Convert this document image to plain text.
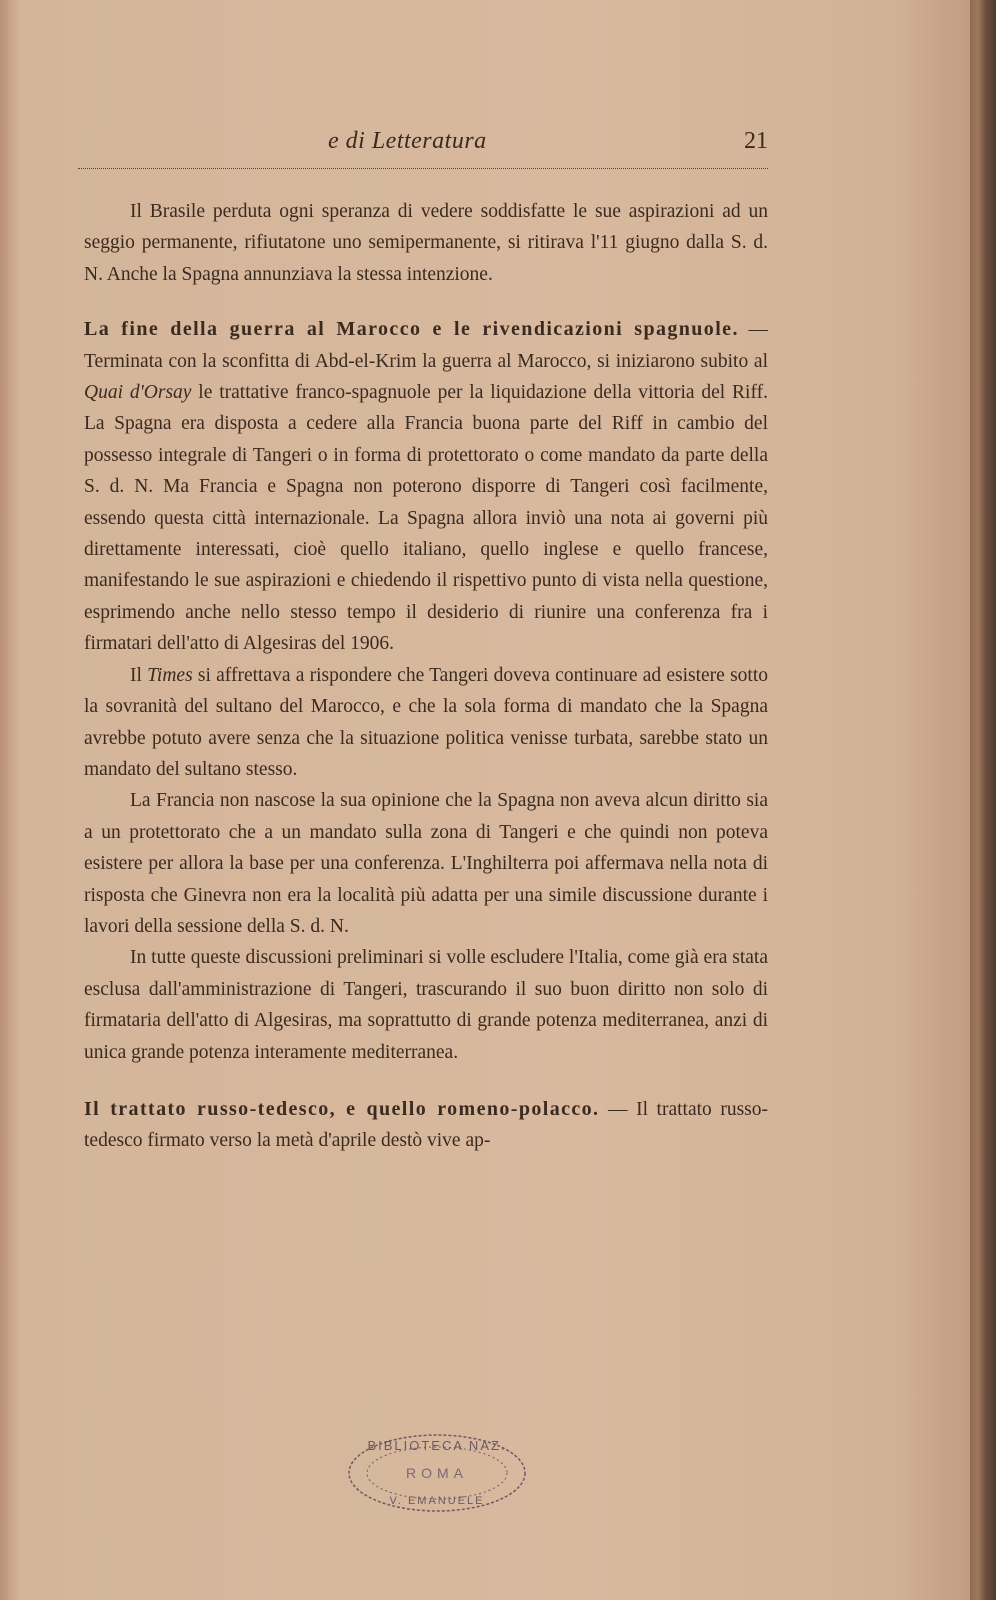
e di Letteratura	21

Il Brasile perduta ogni speranza di vedere soddisfatte le sue aspirazioni ad un seggio permanente, rifiutatone uno semipermanente, si ritirava l'11 giugno dalla S. d. N. Anche la Spagna annunziava la stessa intenzione.

La fine della guerra al Marocco e le rivendicazioni spagnuole. — Terminata con la sconfitta di Abd-el-Krim la guerra al Marocco, si iniziarono subito al Quai d'Orsay le trattative franco-spagnuole per la liquidazione della vittoria del Riff. La Spagna era disposta a cedere alla Francia buona parte del Riff in cambio del possesso integrale di Tangeri o in forma di protettorato o come mandato da parte della S. d. N. Ma Francia e Spagna non poterono disporre di Tangeri così facilmente, essendo questa città internazionale. La Spagna allora inviò una nota ai governi più direttamente interessati, cioè quello italiano, quello inglese e quello francese, manifestando le sue aspirazioni e chiedendo il rispettivo punto di vista nella questione, esprimendo anche nello stesso tempo il desiderio di riunire una conferenza fra i firmatari dell'atto di Algesiras del 1906.

Il Times si affrettava a rispondere che Tangeri doveva continuare ad esistere sotto la sovranità del sultano del Marocco, e che la sola forma di mandato che la Spagna avrebbe potuto avere senza che la situazione politica venisse turbata, sarebbe stato un mandato del sultano stesso.

La Francia non nascose la sua opinione che la Spagna non aveva alcun diritto sia a un protettorato che a un mandato sulla zona di Tangeri e che quindi non poteva esistere per allora la base per una conferenza. L'Inghilterra poi affermava nella nota di risposta che Ginevra non era la località più adatta per una simile discussione durante i lavori della sessione della S. d. N.

In tutte queste discussioni preliminari si volle escludere l'Italia, come già era stata esclusa dall'amministrazione di Tangeri, trascurando il suo buon diritto non solo di firmataria dell'atto di Algesiras, ma soprattutto di grande potenza mediterranea, anzi di unica grande potenza interamente mediterranea.

Il trattato russo-tedesco, e quello romeno-polacco. — Il trattato russo-tedesco firmato verso la metà d'aprile destò vive ap-

BIBLIOTECA NAZ.
ROMA
V. EMANUELE
